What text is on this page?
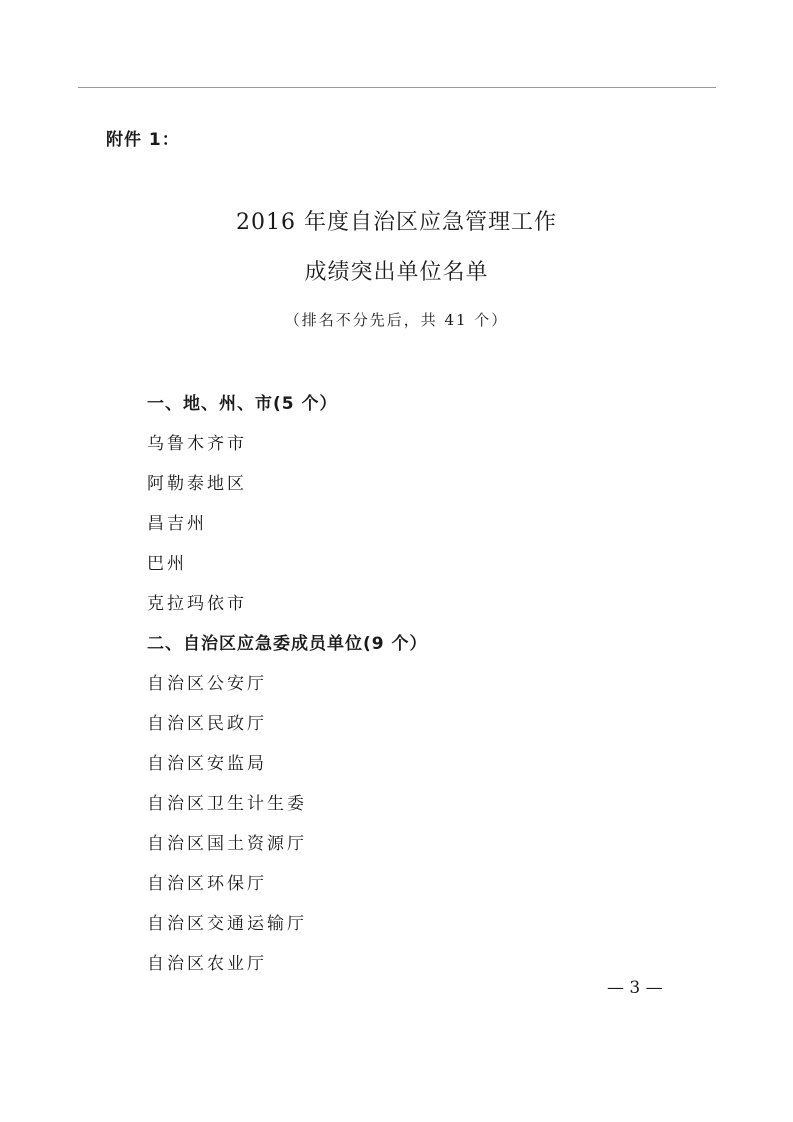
附件 1：
2016 年度自治区应急管理工作
成绩突出单位名单
（排名不分先后，共 41 个）
一、地、州、市(5 个）
乌鲁木齐市
阿勒泰地区
昌吉州
巴州
克拉玛依市
二、自治区应急委成员单位(9 个）
自治区公安厅
自治区民政厅
自治区安监局
自治区卫生计生委
自治区国土资源厅
自治区环保厅
自治区交通运输厅
自治区农业厅
— 3 —
